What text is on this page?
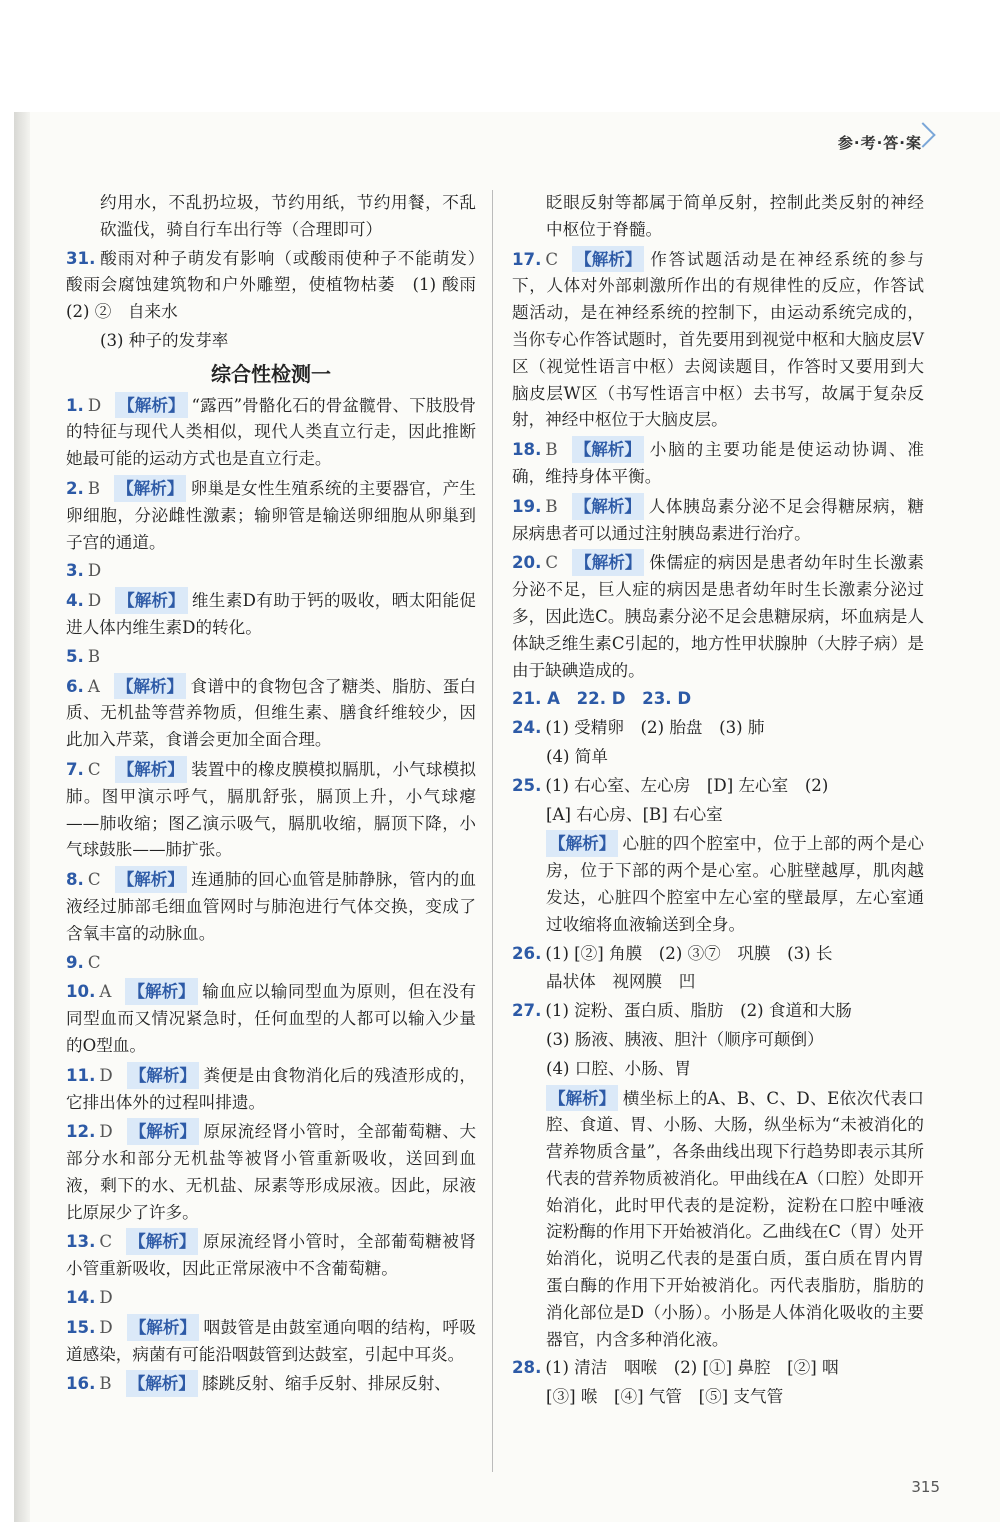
参·考·答·案
约用水，不乱扔垃圾，节约用纸，节约用餐，不乱砍滥伐，骑自行车出行等（合理即可）
31. 酸雨对种子萌发有影响（或酸雨使种子不能萌发）　酸雨会腐蚀建筑物和户外雕塑，使植物枯萎　(1) 酸雨　(2) ②　自来水
(3) 种子的发芽率
综合性检测一
1. D 【解析】 “露西”骨骼化石的骨盆髋骨、下肢股骨的特征与现代人类相似，现代人类直立行走，因此推断她最可能的运动方式也是直立行走。
2. B 【解析】 卵巢是女性生殖系统的主要器官，产生卵细胞，分泌雌性激素；输卵管是输送卵细胞从卵巢到子宫的通道。
3. D
4. D 【解析】 维生素D有助于钙的吸收，晒太阳能促进人体内维生素D的转化。
5. B
6. A 【解析】 食谱中的食物包含了糖类、脂肪、蛋白质、无机盐等营养物质，但维生素、膳食纤维较少，因此加入芹菜，食谱会更加全面合理。
7. C 【解析】 装置中的橡皮膜模拟膈肌，小气球模拟肺。图甲演示呼气，膈肌舒张，膈顶上升，小气球瘪——肺收缩；图乙演示吸气，膈肌收缩，膈顶下降，小气球鼓胀——肺扩张。
8. C 【解析】 连通肺的回心血管是肺静脉，管内的血液经过肺部毛细血管网时与肺泡进行气体交换，变成了含氧丰富的动脉血。
9. C
10. A 【解析】 输血应以输同型血为原则，但在没有同型血而又情况紧急时，任何血型的人都可以输入少量的O型血。
11. D 【解析】 粪便是由食物消化后的残渣形成的，它排出体外的过程叫排遗。
12. D 【解析】 原尿流经肾小管时，全部葡萄糖、大部分水和部分无机盐等被肾小管重新吸收，送回到血液，剩下的水、无机盐、尿素等形成尿液。因此，尿液比原尿少了许多。
13. C 【解析】 原尿流经肾小管时，全部葡萄糖被肾小管重新吸收，因此正常尿液中不含葡萄糖。
14. D
15. D 【解析】 咽鼓管是由鼓室通向咽的结构，呼吸道感染，病菌有可能沿咽鼓管到达鼓室，引起中耳炎。
16. B 【解析】 膝跳反射、缩手反射、排尿反射、
眨眼反射等都属于简单反射，控制此类反射的神经中枢位于脊髓。
17. C 【解析】 作答试题活动是在神经系统的参与下，人体对外部刺激所作出的有规律性的反应，作答试题活动，是在神经系统的控制下，由运动系统完成的，当你专心作答试题时，首先要用到视觉中枢和大脑皮层V区（视觉性语言中枢）去阅读题目，作答时又要用到大脑皮层W区（书写性语言中枢）去书写，故属于复杂反射，神经中枢位于大脑皮层。
18. B 【解析】 小脑的主要功能是使运动协调、准确，维持身体平衡。
19. B 【解析】 人体胰岛素分泌不足会得糖尿病，糖尿病患者可以通过注射胰岛素进行治疗。
20. C 【解析】 侏儒症的病因是患者幼年时生长激素分泌不足，巨人症的病因是患者幼年时生长激素分泌过多，因此选C。胰岛素分泌不足会患糖尿病，坏血病是人体缺乏维生素C引起的，地方性甲状腺肿（大脖子病）是由于缺碘造成的。
21. A　22. D　23. D
24. (1) 受精卵　(2) 胎盘　(3) 肺
(4) 简单
25. (1) 右心室、左心房　[D] 左心室　(2)
[A] 右心房、[B] 右心室
【解析】 心脏的四个腔室中，位于上部的两个是心房，位于下部的两个是心室。心脏壁越厚，肌肉越发达，心脏四个腔室中左心室的壁最厚，左心室通过收缩将血液输送到全身。
26. (1) [②] 角膜　(2) ③⑦　巩膜　(3) 长
晶状体　视网膜　凹
27. (1) 淀粉、蛋白质、脂肪　(2) 食道和大肠
(3) 肠液、胰液、胆汁（顺序可颠倒）
(4) 口腔、小肠、胃
【解析】 横坐标上的A、B、C、D、E依次代表口腔、食道、胃、小肠、大肠，纵坐标为“未被消化的营养物质含量”，各条曲线出现下行趋势即表示其所代表的营养物质被消化。甲曲线在A（口腔）处即开始消化，此时甲代表的是淀粉，淀粉在口腔中唾液淀粉酶的作用下开始被消化。乙曲线在C（胃）处开始消化，说明乙代表的是蛋白质，蛋白质在胃内胃蛋白酶的作用下开始被消化。丙代表脂肪，脂肪的消化部位是D（小肠）。小肠是人体消化吸收的主要器官，内含多种消化液。
28. (1) 清洁　咽喉　(2) [①] 鼻腔　[②] 咽
[③] 喉　[④] 气管　[⑤] 支气管
315
